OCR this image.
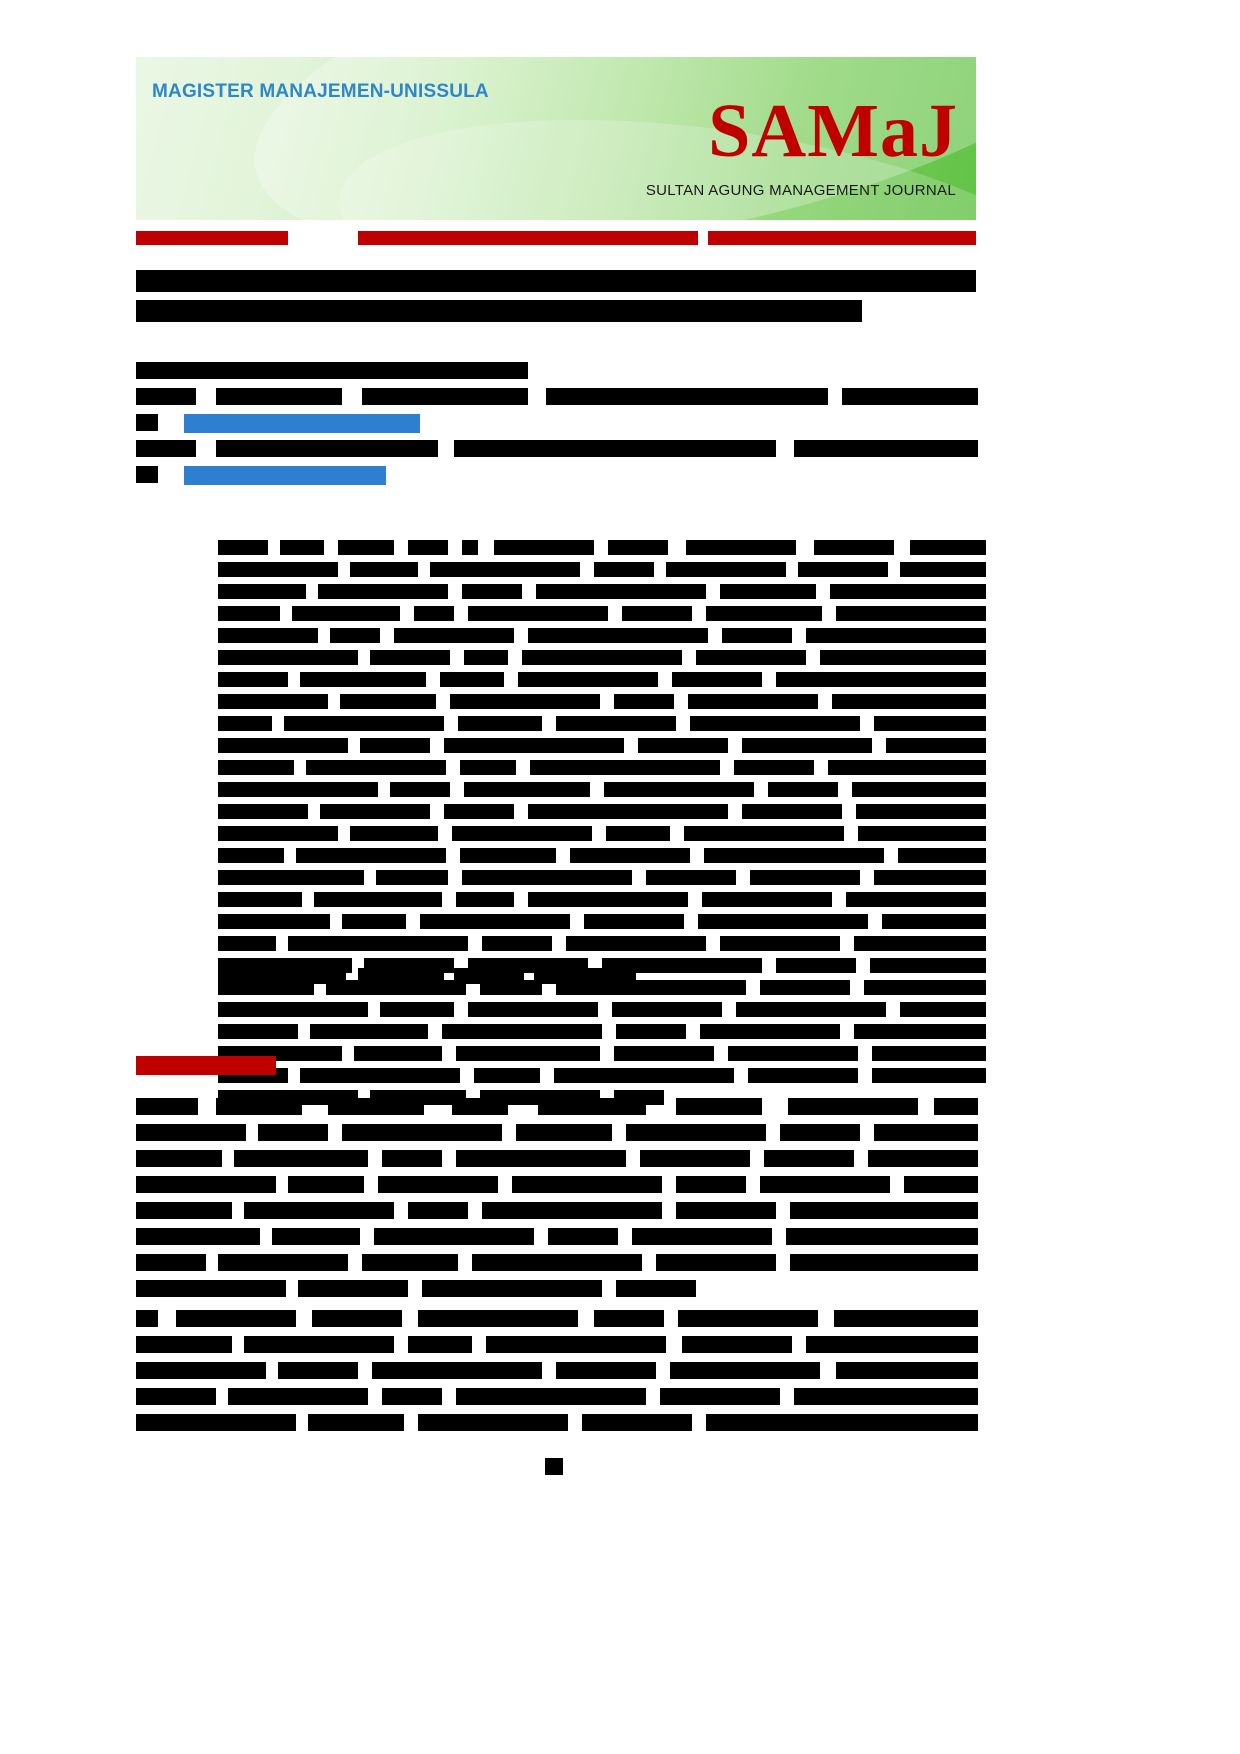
MAGISTER MANAJEMEN-UNISSULA	SAMaJ
SULTAN AGUNG MANAGEMENT JOURNAL
